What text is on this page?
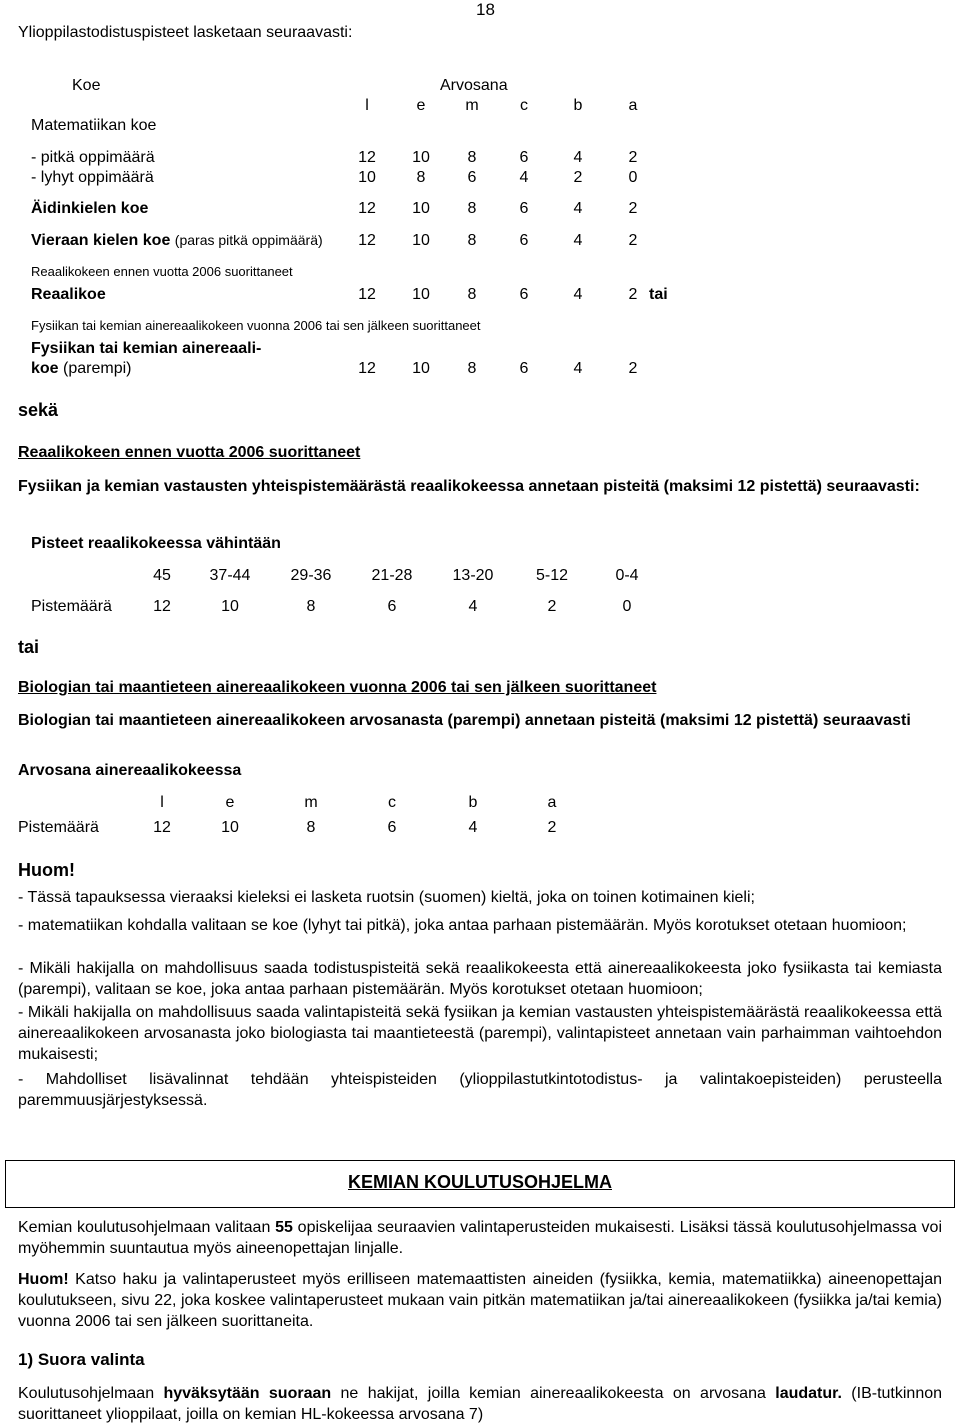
Ylioppilastodistuspisteet lasketaan seuraavasti:
18
Koe	Arvosana
l	e	m	c	b	a
Matematiikan koe
- pitkä oppimäärä	12	10	8	6	4	2
- lyhyt oppimäärä	10	8	6	4	2	0
Äidinkielen koe	12	10	8	6	4	2
Vieraan kielen koe (paras pitkä oppimäärä)	12	10	8	6	4	2
Reaalikokeen ennen vuotta 2006 suorittaneet
Reaalikoe	12	10	8	6	4	2 tai
Fysiikan tai kemian ainereaalikokeen vuonna 2006 tai sen jälkeen suorittaneet
Fysiikan tai kemian ainereaali-
koe (parempi)	12	10	8	6	4	2
sekä
Reaalikokeen ennen vuotta 2006 suorittaneet
Fysiikan ja kemian vastausten yhteispistemäärästä reaalikokeessa annetaan pisteitä (maksimi 12 pistettä) seuraavasti:
Pisteet reaalikokeessa vähintään
45	37-44	29-36	21-28	13-20	5-12	0-4
Pistemäärä	12	10	8	6	4	2	0
tai
Biologian tai maantieteen ainereaalikokeen vuonna 2006 tai sen jälkeen suorittaneet
Biologian tai maantieteen ainereaalikokeen arvosanasta (parempi) annetaan pisteitä (maksimi 12 pistettä) seuraavasti
Arvosana ainereaalikokeessa
l	e	m	c	b	a
Pistemäärä	12	10	8	6	4	2
Huom!
- Tässä tapauksessa vieraaksi kieleksi ei lasketa ruotsin (suomen) kieltä, joka on toinen kotimainen kieli;
- matematiikan kohdalla valitaan se koe (lyhyt tai pitkä), joka antaa parhaan pistemäärän. Myös korotukset otetaan huomioon;
- Mikäli hakijalla on mahdollisuus saada todistuspisteitä sekä reaalikokeesta että ainereaalikokeesta joko fysiikasta tai kemiasta (parempi), valitaan se koe, joka antaa parhaan pistemäärän. Myös korotukset otetaan huomioon;
- Mikäli hakijalla on mahdollisuus saada valintapisteitä sekä fysiikan ja kemian vastausten yhteispistemäärästä reaalikokeessa että ainereaalikokeen arvosanasta joko biologiasta tai maantieteestä (parempi), valintapisteet annetaan vain parhaimman vaihtoehdon mukaisesti;
- Mahdolliset lisävalinnat tehdään yhteispisteiden (ylioppilastutkintotodistus- ja valintakoepisteiden) perusteella paremmuusjärjestyksessä.
KEMIAN KOULUTUSOHJELMA
Kemian koulutusohjelmaan valitaan 55 opiskelijaa seuraavien valintaperusteiden mukaisesti. Lisäksi tässä koulutusohjelmassa voi myöhemmin suuntautua myös aineenopettajan linjalle.
Huom! Katso haku ja valintaperusteet myös erilliseen matemaattisten aineiden (fysiikka, kemia, matematiikka) aineenopettajan koulutukseen, sivu 22, joka koskee valintaperusteet mukaan vain pitkän matematiikan ja/tai ainereaalikokeen (fysiikka ja/tai kemia) vuonna 2006 tai sen jälkeen suorittaneita.
1) Suora valinta
Koulutusohjelmaan hyväksytään suoraan ne hakijat, joilla kemian ainereaalikokeesta on arvosana laudatur. (IB-tutkinnon suorittaneet ylioppilaat, joilla on kemian HL-kokeessa arvosana 7)
